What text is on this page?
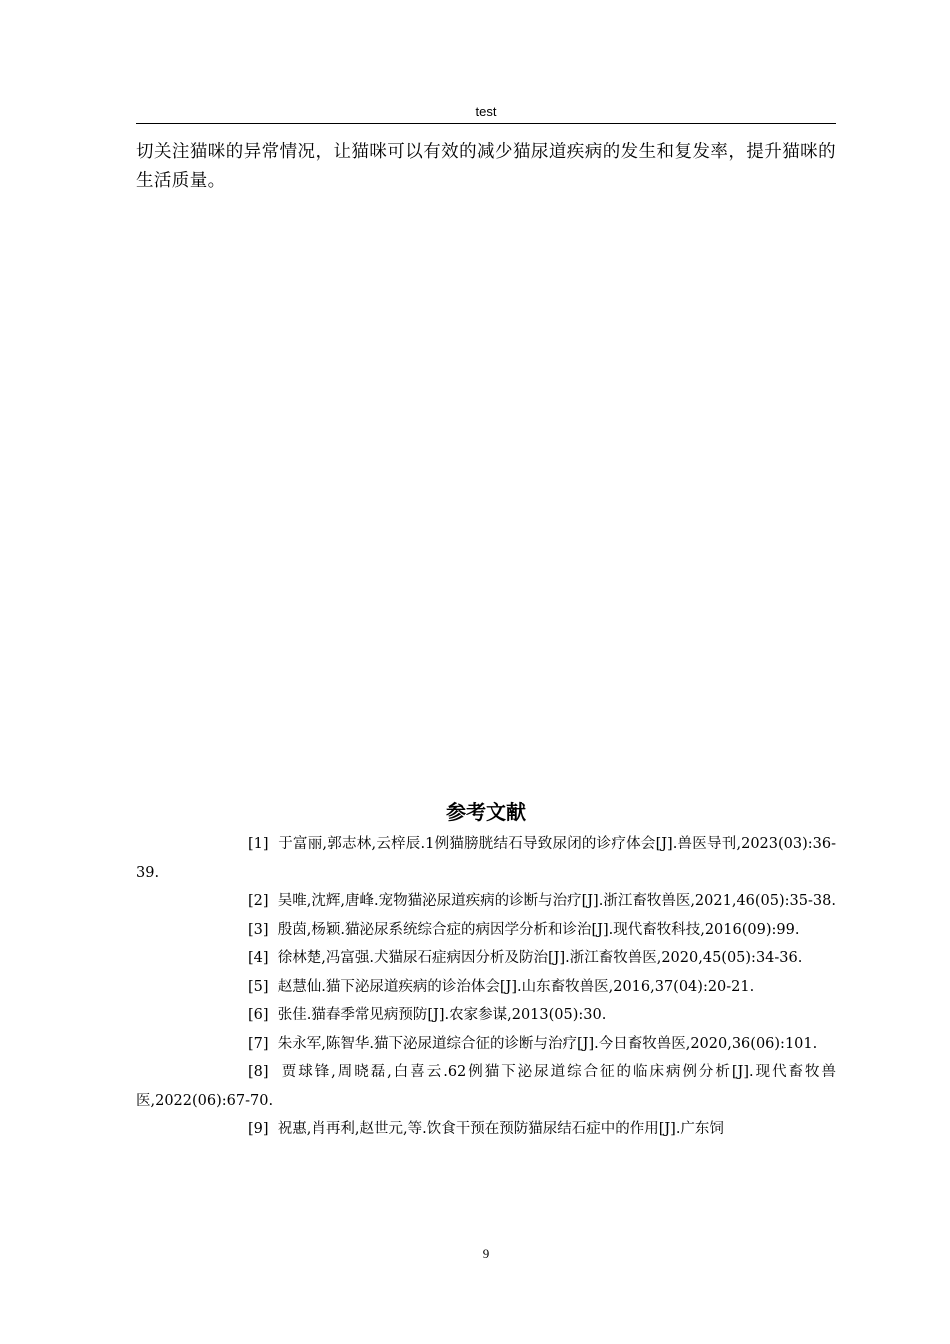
test

切关注猫咪的异常情况，让猫咪可以有效的减少猫尿道疾病的发生和复发率，提升猫咪的生活质量。

参考文献
[1] 于富丽,郭志林,云梓辰.1例猫膀胱结石导致尿闭的诊疗体会[J].兽医导刊,2023(03):36-39.
[2] 吴唯,沈辉,唐峰.宠物猫泌尿道疾病的诊断与治疗[J].浙江畜牧兽医,2021,46(05):35-38.
[3] 殷茵,杨颖.猫泌尿系统综合症的病因学分析和诊治[J].现代畜牧科技,2016(09):99.
[4] 徐林楚,冯富强.犬猫尿石症病因分析及防治[J].浙江畜牧兽医,2020,45(05):34-36.
[5] 赵慧仙.猫下泌尿道疾病的诊治体会[J].山东畜牧兽医,2016,37(04):20-21.
[6] 张佳.猫春季常见病预防[J].农家参谋,2013(05):30.
[7] 朱永军,陈智华.猫下泌尿道综合征的诊断与治疗[J].今日畜牧兽医,2020,36(06):101.
[8] 贾球锋,周晓磊,白喜云.62例猫下泌尿道综合征的临床病例分析[J].现代畜牧兽医,2022(06):67-70.
[9] 祝惠,肖再利,赵世元,等.饮食干预在预防猫尿结石症中的作用[J].广东饲
9
